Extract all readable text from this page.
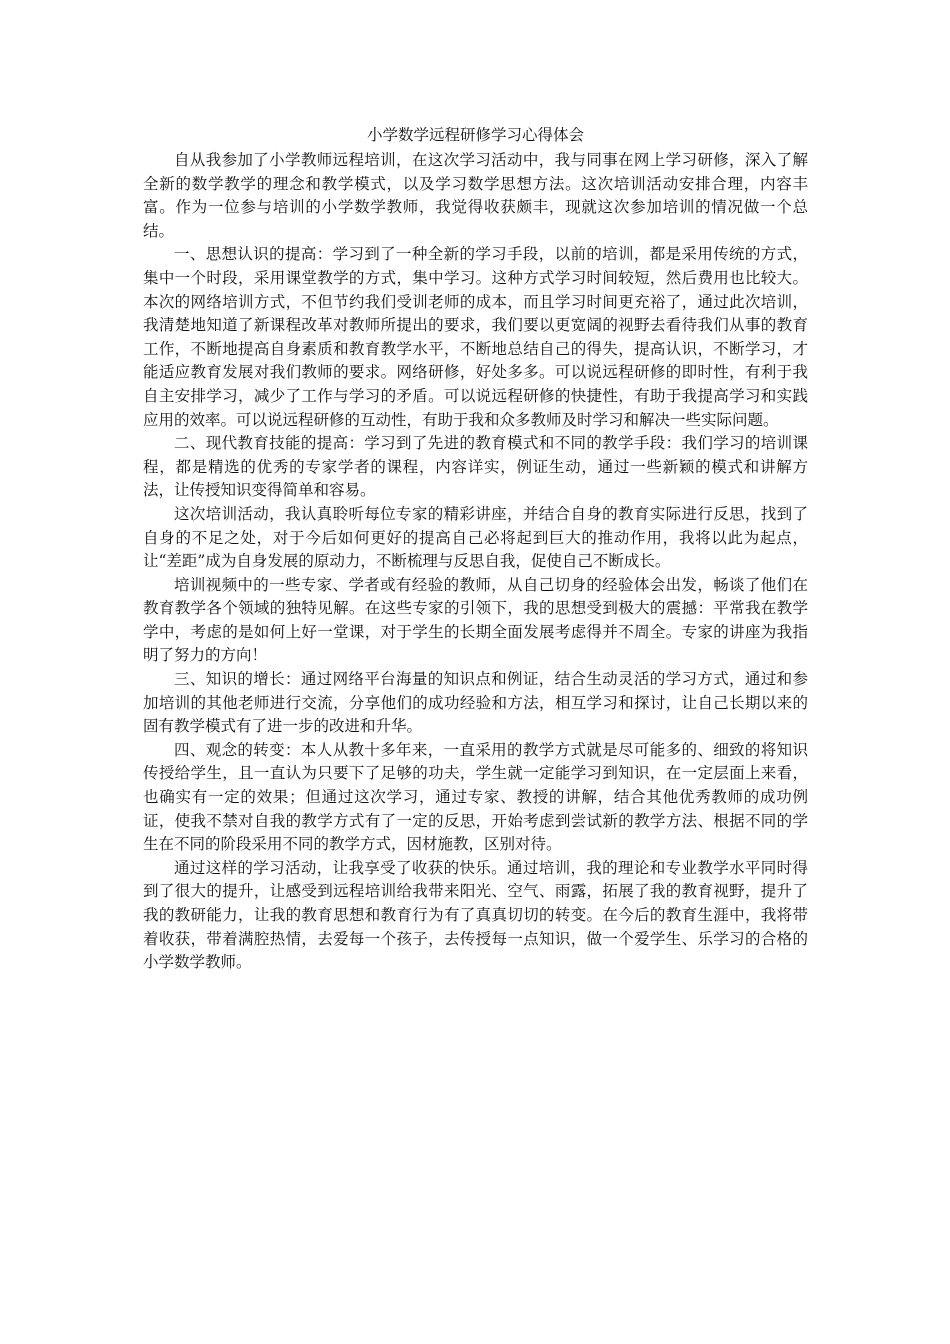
小学数学远程研修学习心得体会

自从我参加了小学教师远程培训，在这次学习活动中，我与同事在网上学习研修，深入了解全新的数学教学的理念和教学模式，以及学习数学思想方法。这次培训活动安排合理，内容丰富。作为一位参与培训的小学数学教师，我觉得收获颇丰，现就这次参加培训的情况做一个总结。

一、思想认识的提高：学习到了一种全新的学习手段，以前的培训，都是采用传统的方式，集中一个时段，采用课堂教学的方式，集中学习。这种方式学习时间较短，然后费用也比较大。本次的网络培训方式，不但节约我们受训老师的成本，而且学习时间更充裕了，通过此次培训，我清楚地知道了新课程改革对教师所提出的要求，我们要以更宽阔的视野去看待我们从事的教育工作，不断地提高自身素质和教育教学水平，不断地总结自己的得失，提高认识，不断学习，才能适应教育发展对我们教师的要求。网络研修，好处多多。可以说远程研修的即时性，有利于我自主安排学习，减少了工作与学习的矛盾。可以说远程研修的快捷性，有助于我提高学习和实践应用的效率。可以说远程研修的互动性，有助于我和众多教师及时学习和解决一些实际问题。

二、现代教育技能的提高：学习到了先进的教育模式和不同的教学手段：我们学习的培训课程，都是精选的优秀的专家学者的课程，内容详实，例证生动，通过一些新颖的模式和讲解方法，让传授知识变得简单和容易。

这次培训活动，我认真聆听每位专家的精彩讲座，并结合自身的教育实际进行反思，找到了自身的不足之处，对于今后如何更好的提高自己必将起到巨大的推动作用，我将以此为起点，让“差距”成为自身发展的原动力，不断梳理与反思自我，促使自己不断成长。

培训视频中的一些专家、学者或有经验的教师，从自己切身的经验体会出发，畅谈了他们在教育教学各个领域的独特见解。在这些专家的引领下，我的思想受到极大的震撼：平常我在教学学中，考虑的是如何上好一堂课，对于学生的长期全面发展考虑得并不周全。专家的讲座为我指明了努力的方向！

三、知识的增长：通过网络平台海量的知识点和例证，结合生动灵活的学习方式，通过和参加培训的其他老师进行交流，分享他们的成功经验和方法，相互学习和探讨，让自己长期以来的固有教学模式有了进一步的改进和升华。

四、观念的转变：本人从教十多年来，一直采用的教学方式就是尽可能多的、细致的将知识传授给学生，且一直认为只要下了足够的功夫，学生就一定能学习到知识，在一定层面上来看，也确实有一定的效果；但通过这次学习，通过专家、教授的讲解，结合其他优秀教师的成功例证，使我不禁对自我的教学方式有了一定的反思，开始考虑到尝试新的教学方法、根据不同的学生在不同的阶段采用不同的教学方式，因材施教，区别对待。

通过这样的学习活动，让我享受了收获的快乐。通过培训，我的理论和专业教学水平同时得到了很大的提升，让感受到远程培训给我带来阳光、空气、雨露，拓展了我的教育视野，提升了我的教研能力，让我的教育思想和教育行为有了真真切切的转变。在今后的教育生涯中，我将带着收获，带着满腔热情，去爱每一个孩子，去传授每一点知识，做一个爱学生、乐学习的合格的小学数学教师。
